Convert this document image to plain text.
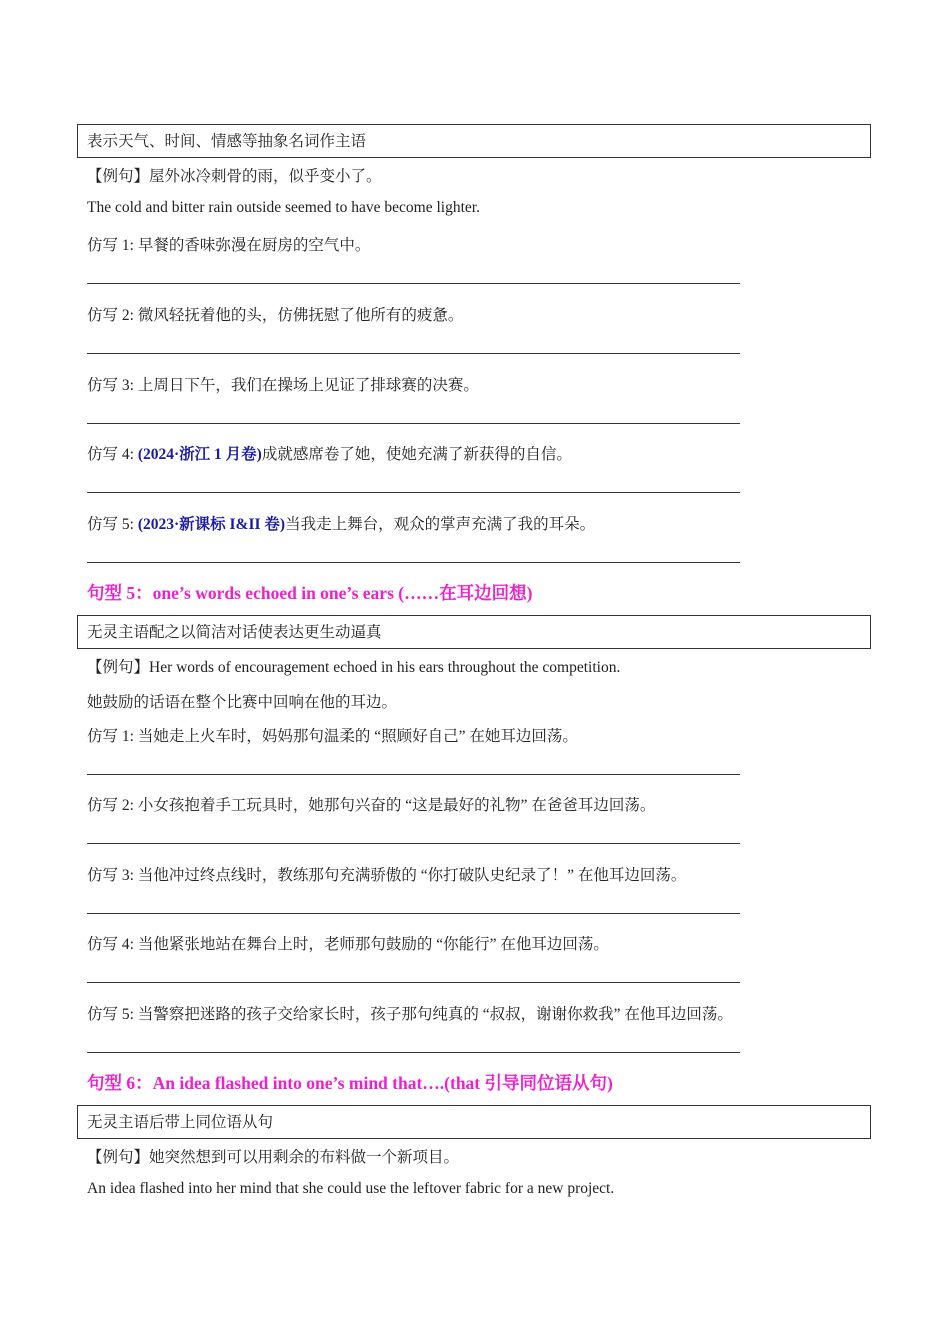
表示天气、时间、情感等抽象名词作主语
【例句】屋外冰冷刺骨的雨，似乎变小了。
The cold and bitter rain outside seemed to have become lighter.
仿写 1: 早餐的香味弥漫在厨房的空气中。
仿写 2: 微风轻抚着他的头，仿佛抚慰了他所有的疲惫。
仿写 3: 上周日下午，我们在操场上见证了排球赛的决赛。
仿写 4: (2024·浙江 1 月卷)成就感席卷了她，使她充满了新获得的自信。
仿写 5: (2023·新课标 I&II 卷)当我走上舞台，观众的掌声充满了我的耳朵。
句型 5：one’s words echoed in one’s ears (……在耳边回想)
无灵主语配之以简洁对话使表达更生动逼真
【例句】Her words of encouragement echoed in his ears throughout the competition.
她鼓励的话语在整个比赛中回响在他的耳边。
仿写 1: 当她走上火车时，妈妈那句温柔的 “照顾好自己” 在她耳边回荡。
仿写 2: 小女孩抱着手工玩具时，她那句兴奋的 “这是最好的礼物” 在爸爸耳边回荡。
仿写 3: 当他冲过终点线时，教练那句充满骄傲的 “你打破队史纪录了！” 在他耳边回荡。
仿写 4: 当他紧张地站在舞台上时，老师那句鼓励的 “你能行” 在他耳边回荡。
仿写 5: 当警察把迷路的孩子交给家长时，孩子那句纯真的 “叔叔，谢谢你救我” 在他耳边回荡。
句型 6：An idea flashed into one’s mind that….(that 引导同位语从句)
无灵主语后带上同位语从句
【例句】她突然想到可以用剩余的布料做一个新项目。
An idea flashed into her mind that she could use the leftover fabric for a new project.
